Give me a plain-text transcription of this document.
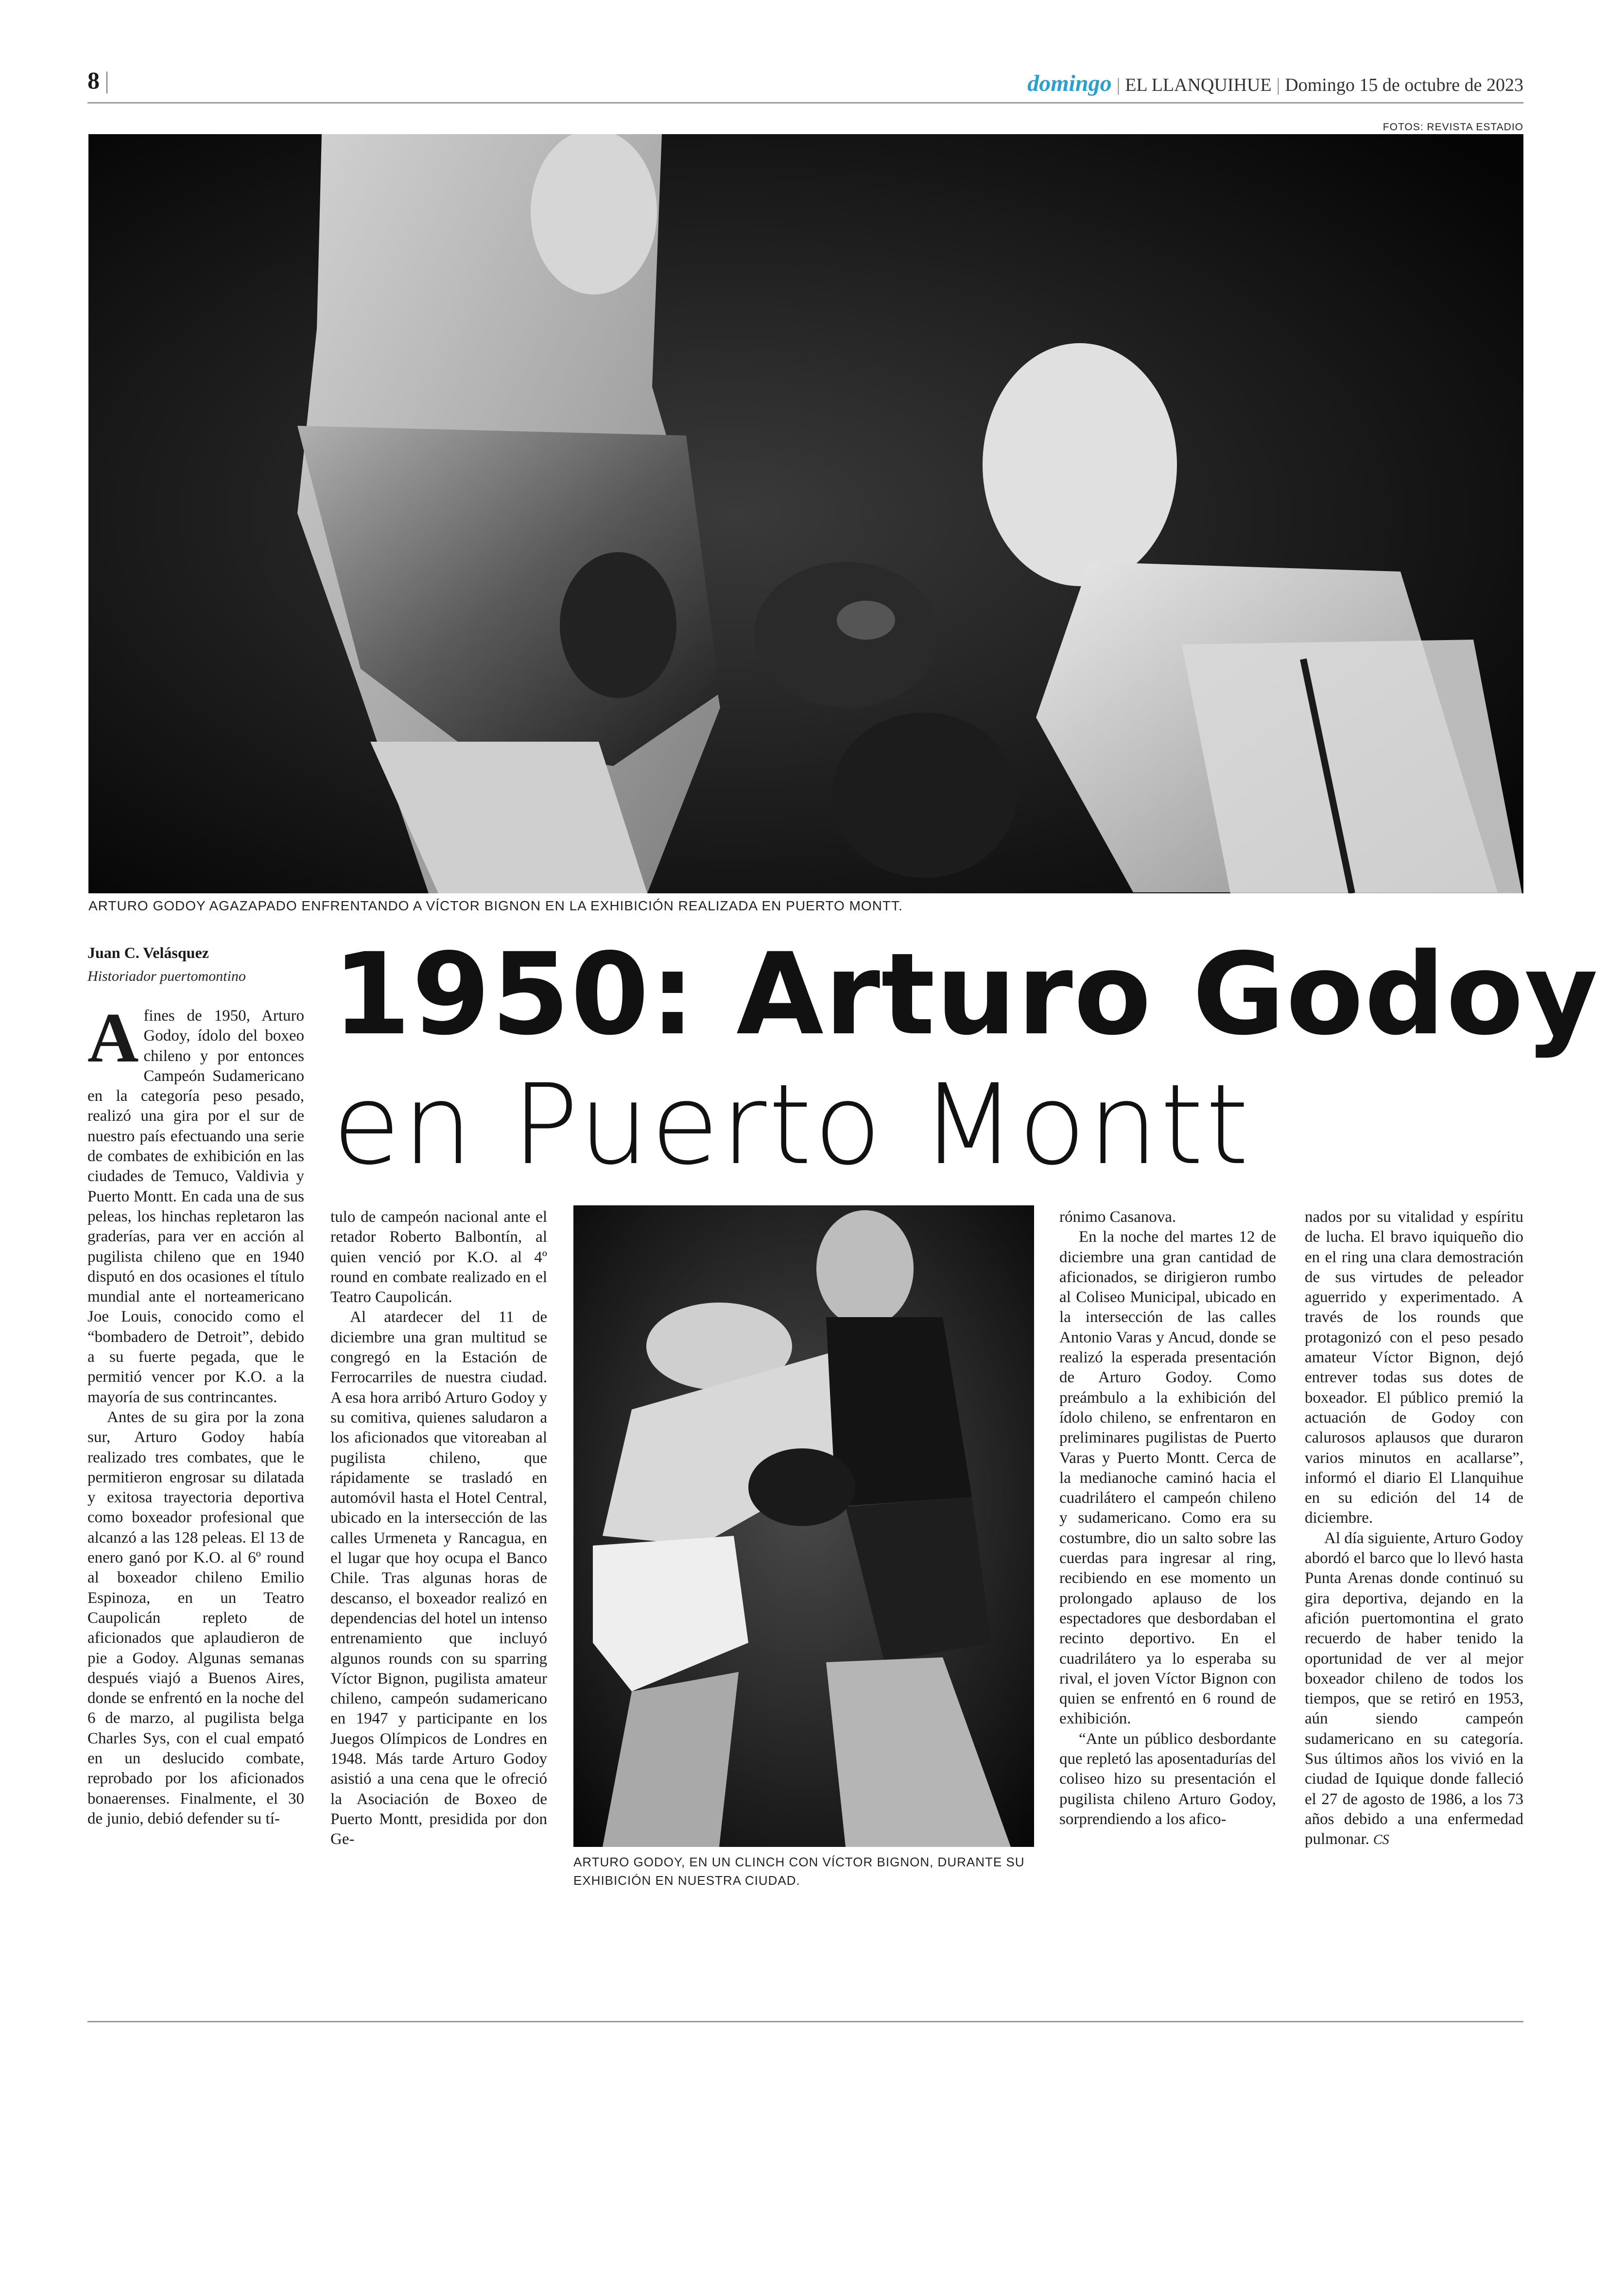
8 |	domingo | EL LLANQUIHUE | Domingo 15 de octubre de 2023
FOTOS: REVISTA ESTADIO
ARTURO GODOY AGAZAPADO ENFRENTANDO A VÍCTOR BIGNON EN LA EXHIBICIÓN REALIZADA EN PUERTO MONTT.
Juan C. Velásquez
Historiador puertomontino 1950: Arturo Godoy
en Puerto Montt

Afines de 1950, Arturo Godoy, ídolo del boxeo chileno y por entonces Campeón Sudamericano en la categoría peso pesado, realizó una gira por el sur de nuestro país efectuando una serie de combates de exhibición en las ciudades de Temuco, Valdivia y Puerto Montt. En cada una de sus peleas, los hinchas repletaron las graderías, para ver en acción al pugilista chileno que en 1940 disputó en dos ocasiones el título mundial ante el norteamericano Joe Louis, conocido como el “bombadero de Detroit”, debido a su fuerte pegada, que le permitió vencer por K.O. a la mayoría de sus contrincantes.

Antes de su gira por la zona sur, Arturo Godoy había realizado tres combates, que le permitieron engrosar su dilatada y exitosa trayectoria deportiva como boxeador profesional que alcanzó a las 128 peleas. El 13 de enero ganó por K.O. al 6º round al boxeador chileno Emilio Espinoza, en un Teatro Caupolicán repleto de aficionados que aplaudieron de pie a Godoy. Algunas semanas después viajó a Buenos Aires, donde se enfrentó en la noche del 6 de marzo, al pugilista belga Charles Sys, con el cual empató en un deslucido combate, reprobado por los aficionados bonaerenses. Finalmente, el 30 de junio, debió defender su tí-

tulo de campeón nacional ante el retador Roberto Balbontín, al quien venció por K.O. al 4º round en combate realizado en el Teatro Caupolicán.

Al atardecer del 11 de diciembre una gran multitud se congregó en la Estación de Ferrocarriles de nuestra ciudad. A esa hora arribó Arturo Godoy y su comitiva, quienes saludaron a los aficionados que vitoreaban al pugilista chileno, que rápidamente se trasladó en automóvil hasta el Hotel Central, ubicado en la intersección de las calles Urmeneta y Rancagua, en el lugar que hoy ocupa el Banco Chile. Tras algunas horas de descanso, el boxeador realizó en dependencias del hotel un intenso entrenamiento que incluyó algunos rounds con su sparring Víctor Bignon, pugilista amateur chileno, campeón sudamericano en 1947 y participante en los Juegos Olímpicos de Londres en 1948. Más tarde Arturo Godoy asistió a una cena que le ofreció la Asociación de Boxeo de Puerto Montt, presidida por don Ge-

ARTURO GODOY, EN UN CLINCH CON VÍCTOR BIGNON, DURANTE SU EXHIBICIÓN EN NUESTRA CIUDAD.

rónimo Casanova.

En la noche del martes 12 de diciembre una gran cantidad de aficionados, se dirigieron rumbo al Coliseo Municipal, ubicado en la intersección de las calles Antonio Varas y Ancud, donde se realizó la esperada presentación de Arturo Godoy. Como preámbulo a la exhibición del ídolo chileno, se enfrentaron en preliminares pugilistas de Puerto Varas y Puerto Montt. Cerca de la medianoche caminó hacia el cuadrilátero el campeón chileno y sudamericano. Como era su costumbre, dio un salto sobre las cuerdas para ingresar al ring, recibiendo en ese momento un prolongado aplauso de los espectadores que desbordaban el recinto deportivo. En el cuadrilátero ya lo esperaba su rival, el joven Víctor Bignon con quien se enfrentó en 6 round de exhibición.

“Ante un público desbordante que repletó las aposentadurías del coliseo hizo su presentación el pugilista chileno Arturo Godoy, sorprendiendo a los afico-

nados por su vitalidad y espíritu de lucha. El bravo iquiqueño dio en el ring una clara demostración de sus virtudes de peleador aguerrido y experimentado. A través de los rounds que protagonizó con el peso pesado amateur Víctor Bignon, dejó entrever todas sus dotes de boxeador. El público premió la actuación de Godoy con calurosos aplausos que duraron varios minutos en acallarse”, informó el diario El Llanquihue en su edición del 14 de diciembre.

Al día siguiente, Arturo Godoy abordó el barco que lo llevó hasta Punta Arenas donde continuó su gira deportiva, dejando en la afición puertomontina el grato recuerdo de haber tenido la oportunidad de ver al mejor boxeador chileno de todos los tiempos, que se retiró en 1953, aún siendo campeón sudamericano en su categoría. Sus últimos años los vivió en la ciudad de Iquique donde falleció el 27 de agosto de 1986, a los 73 años debido a una enfermedad pulmonar. CS
